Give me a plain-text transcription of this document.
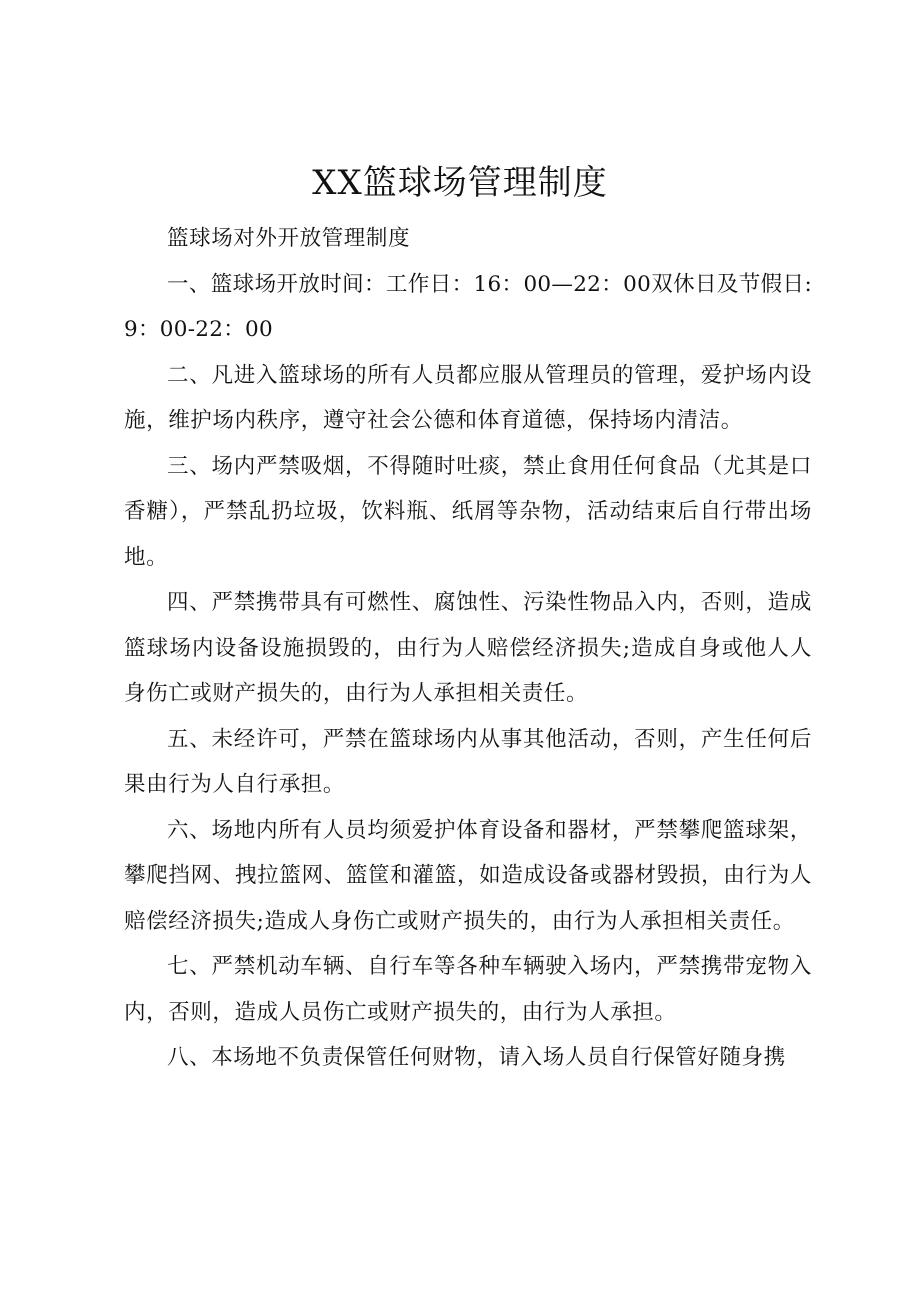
XX篮球场管理制度

篮球场对外开放管理制度

一、篮球场开放时间：工作日：16：00—22：00双休日及节假日:9：00-22：00

二、凡进入篮球场的所有人员都应服从管理员的管理，爱护场内设施，维护场内秩序，遵守社会公德和体育道德，保持场内清洁。

三、场内严禁吸烟，不得随时吐痰，禁止食用任何食品（尤其是口香糖），严禁乱扔垃圾，饮料瓶、纸屑等杂物，活动结束后自行带出场地。

四、严禁携带具有可燃性、腐蚀性、污染性物品入内，否则，造成篮球场内设备设施损毁的，由行为人赔偿经济损失;造成自身或他人人身伤亡或财产损失的，由行为人承担相关责任。

五、未经许可，严禁在篮球场内从事其他活动，否则，产生任何后果由行为人自行承担。

六、场地内所有人员均须爱护体育设备和器材，严禁攀爬篮球架，攀爬挡网、拽拉篮网、篮筐和灌篮，如造成设备或器材毁损，由行为人赔偿经济损失;造成人身伤亡或财产损失的，由行为人承担相关责任。

七、严禁机动车辆、自行车等各种车辆驶入场内，严禁携带宠物入内，否则，造成人员伤亡或财产损失的，由行为人承担。

八、本场地不负责保管任何财物，请入场人员自行保管好随身携
